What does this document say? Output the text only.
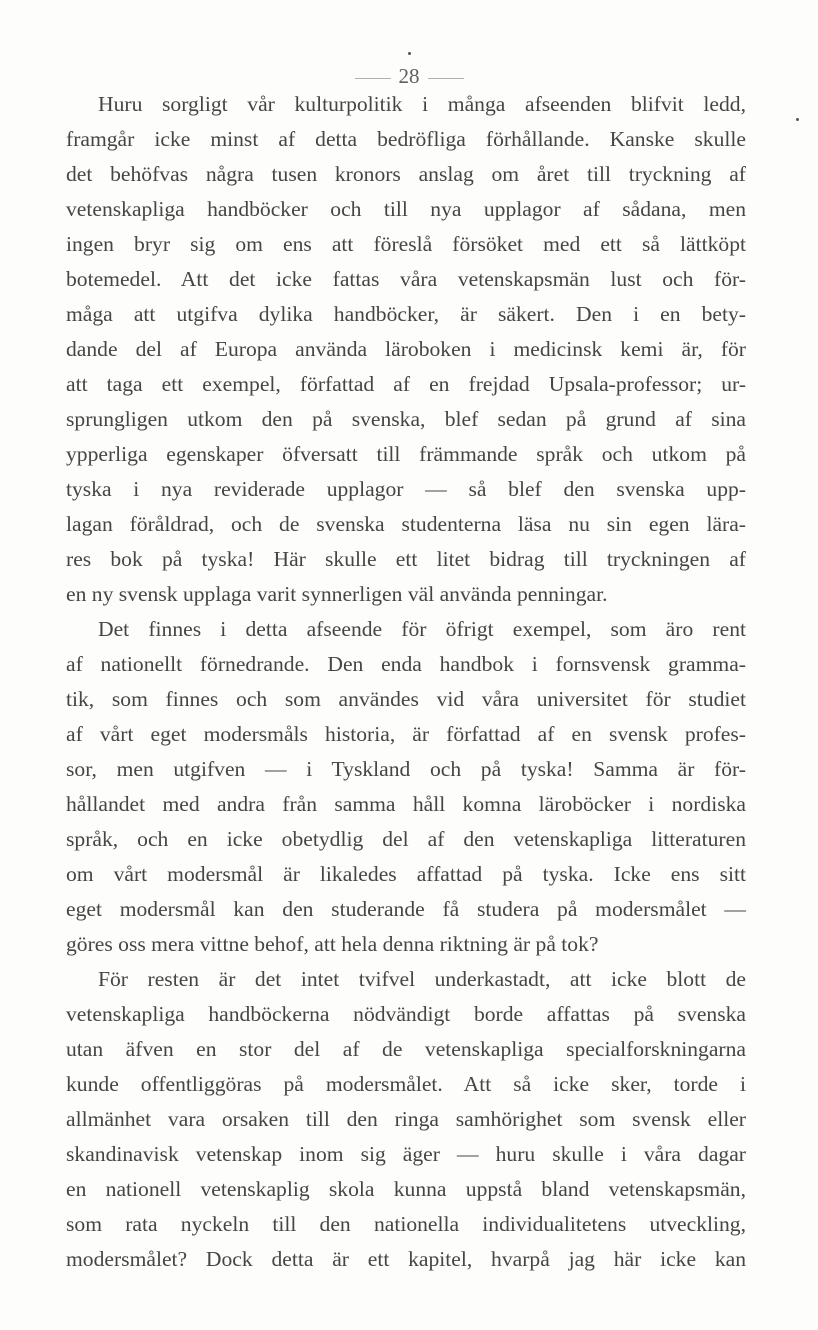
28
Huru sorgligt vår kulturpolitik i många afseenden blifvit ledd,
framgår icke minst af detta bedröfliga förhållande. Kanske skulle
det behöfvas några tusen kronors anslag om året till tryckning af
vetenskapliga handböcker och till nya upplagor af sådana, men
ingen bryr sig om ens att föreslå försöket med ett så lättköpt
botemedel. Att det icke fattas våra vetenskapsmän lust och för-
måga att utgifva dylika handböcker, är säkert. Den i en bety-
dande del af Europa använda läroboken i medicinsk kemi är, för
att taga ett exempel, författad af en frejdad Upsala-professor; ur-
sprungligen utkom den på svenska, blef sedan på grund af sina
ypperliga egenskaper öfversatt till främmande språk och utkom på
tyska i nya reviderade upplagor — så blef den svenska upp-
lagan föråldrad, och de svenska studenterna läsa nu sin egen lära-
res bok på tyska! Här skulle ett litet bidrag till tryckningen af
en ny svensk upplaga varit synnerligen väl använda penningar.
Det finnes i detta afseende för öfrigt exempel, som äro rent
af nationellt förnedrande. Den enda handbok i fornsvensk gramma-
tik, som finnes och som användes vid våra universitet för studiet
af vårt eget modersmåls historia, är författad af en svensk profes-
sor, men utgifven — i Tyskland och på tyska! Samma är för-
hållandet med andra från samma håll komna läroböcker i nordiska
språk, och en icke obetydlig del af den vetenskapliga litteraturen
om vårt modersmål är likaledes affattad på tyska. Icke ens sitt
eget modersmål kan den studerande få studera på modersmålet —
göres oss mera vittne behof, att hela denna riktning är på tok?
För resten är det intet tvifvel underkastadt, att icke blott de
vetenskapliga handböckerna nödvändigt borde affattas på svenska
utan äfven en stor del af de vetenskapliga specialforskningarna
kunde offentliggöras på modersmålet. Att så icke sker, torde i
allmänhet vara orsaken till den ringa samhörighet som svensk eller
skandinavisk vetenskap inom sig äger — huru skulle i våra dagar
en nationell vetenskaplig skola kunna uppstå bland vetenskapsmän,
som rata nyckeln till den nationella individualitetens utveckling,
modersmålet? Dock detta är ett kapitel, hvarpå jag här icke kan
